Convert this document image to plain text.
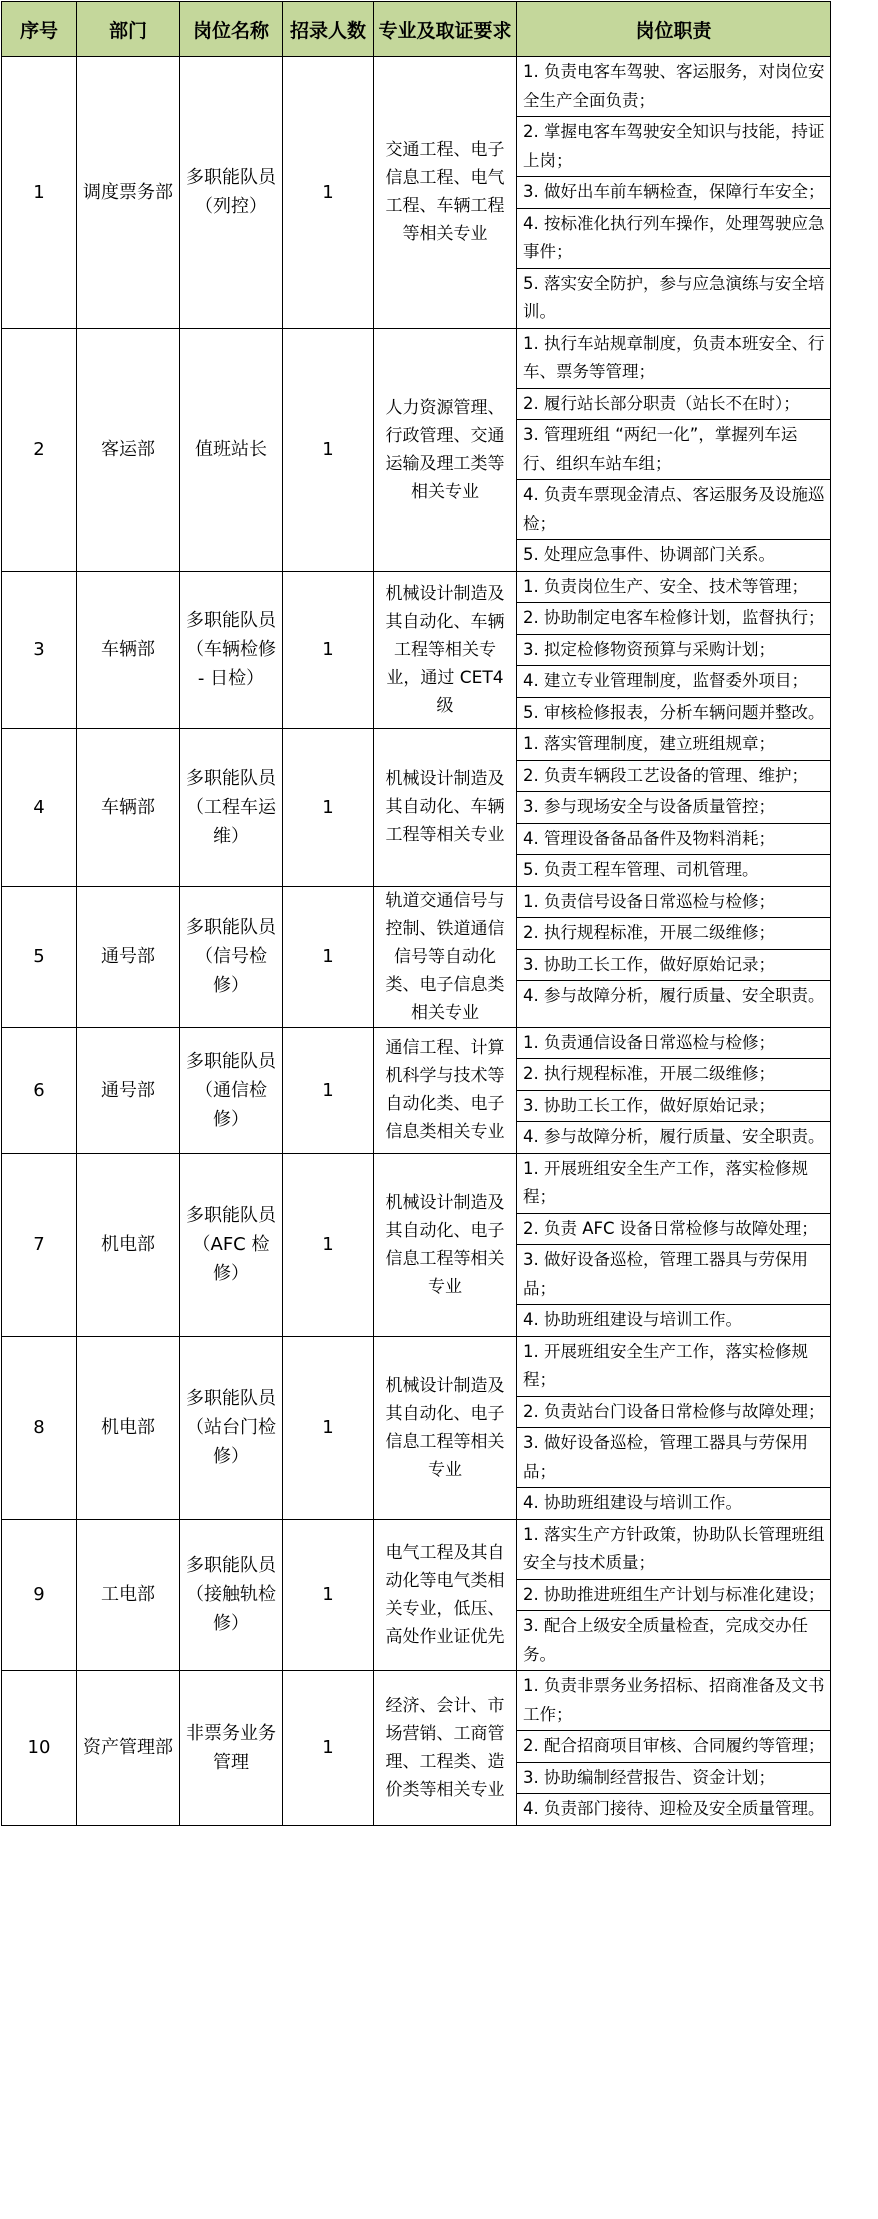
序号	部门	岗位名称	招录人数	专业及取证要求	岗位职责
1	调度票务部	多职能队员（列控）	1	交通工程、电子信息工程、电气工程、车辆工程等相关专业	1. 负责电客车驾驶、客运服务，对岗位安全生产全面负责；
2. 掌握电客车驾驶安全知识与技能，持证上岗；
3. 做好出车前车辆检查，保障行车安全；
4. 按标准化执行列车操作，处理驾驶应急事件；
5. 落实安全防护，参与应急演练与安全培训。

2	客运部	值班站长	1	人力资源管理、行政管理、交通运输及理工类等相关专业	1. 执行车站规章制度，负责本班安全、行车、票务等管理；
2. 履行站长部分职责（站长不在时）；
3. 管理班组 “两纪一化”，掌握列车运行、组织车站车组；
4. 负责车票现金清点、客运服务及设施巡检；
5. 处理应急事件、协调部门关系。

3	车辆部	多职能队员（车辆检修 - 日检）	1	机械设计制造及其自动化、车辆工程等相关专业，通过 CET4 级	1. 负责岗位生产、安全、技术等管理；
2. 协助制定电客车检修计划，监督执行；
3. 拟定检修物资预算与采购计划；
4. 建立专业管理制度，监督委外项目；
5. 审核检修报表，分析车辆问题并整改。

4	车辆部	多职能队员（工程车运维）	1	机械设计制造及其自动化、车辆工程等相关专业	1. 落实管理制度，建立班组规章；
2. 负责车辆段工艺设备的管理、维护；
3. 参与现场安全与设备质量管控；
4. 管理设备备品备件及物料消耗；
5. 负责工程车管理、司机管理。

5	通号部	多职能队员（信号检修）	1	轨道交通信号与控制、铁道通信信号等自动化类、电子信息类相关专业	1. 负责信号设备日常巡检与检修；
2. 执行规程标准，开展二级维修；
3. 协助工长工作，做好原始记录；
4. 参与故障分析，履行质量、安全职责。

6	通号部	多职能队员（通信检修）	1	通信工程、计算机科学与技术等自动化类、电子信息类相关专业	1. 负责通信设备日常巡检与检修；
2. 执行规程标准，开展二级维修；
3. 协助工长工作，做好原始记录；
4. 参与故障分析，履行质量、安全职责。

7	机电部	多职能队员（AFC 检修）	1	机械设计制造及其自动化、电子信息工程等相关专业	1. 开展班组安全生产工作，落实检修规程；
2. 负责 AFC 设备日常检修与故障处理；
3. 做好设备巡检，管理工器具与劳保用品；
4. 协助班组建设与培训工作。

8	机电部	多职能队员（站台门检修）	1	机械设计制造及其自动化、电子信息工程等相关专业	1. 开展班组安全生产工作，落实检修规程；
2. 负责站台门设备日常检修与故障处理；
3. 做好设备巡检，管理工器具与劳保用品；
4. 协助班组建设与培训工作。

9	工电部	多职能队员（接触轨检修）	1	电气工程及其自动化等电气类相关专业，低压、高处作业证优先	1. 落实生产方针政策，协助队长管理班组安全与技术质量；
2. 协助推进班组生产计划与标准化建设；
3. 配合上级安全质量检查，完成交办任务。

10	资产管理部	非票务业务管理	1	经济、会计、市场营销、工商管理、工程类、造价类等相关专业	1. 负责非票务业务招标、招商准备及文书工作；
2. 配合招商项目审核、合同履约等管理；
3. 协助编制经营报告、资金计划；
4. 负责部门接待、迎检及安全质量管理。
